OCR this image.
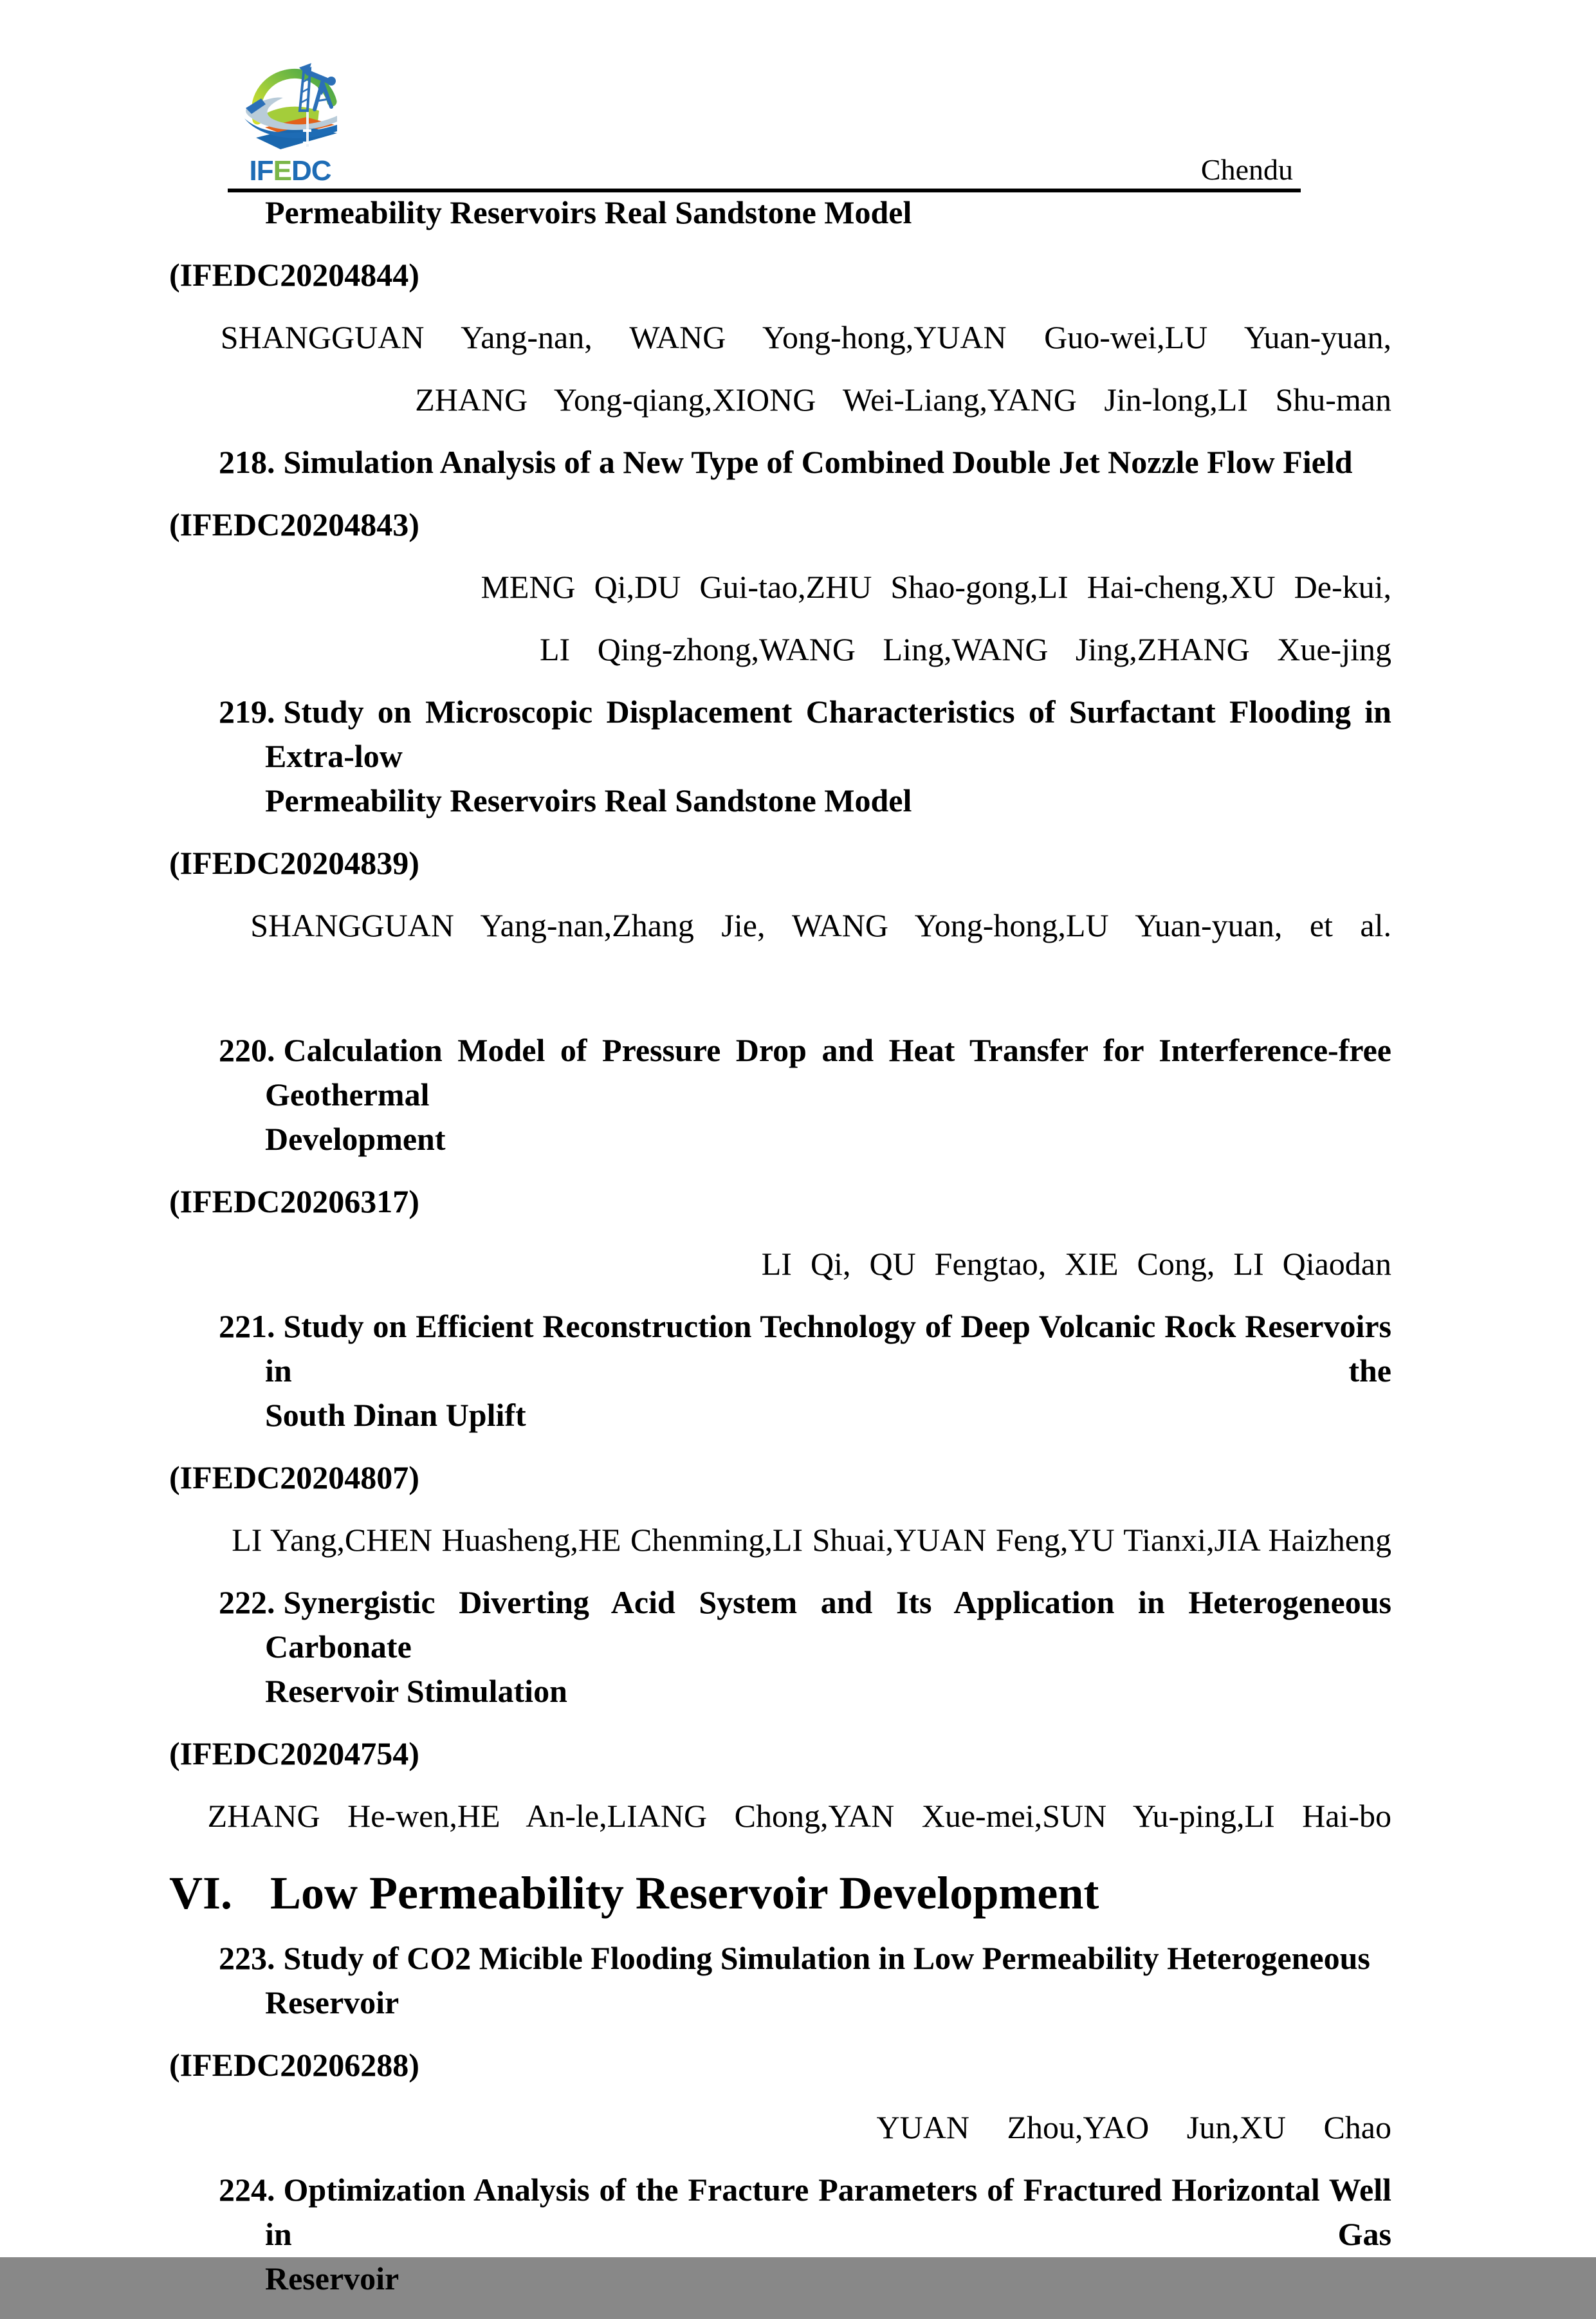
IFEDC	Chendu

Permeability Reservoirs Real Sandstone Model

(IFEDC20204844)

SHANGGUAN Yang-nan, WANG Yong-hong,YUAN Guo-wei,LU Yuan-yuan,

ZHANG Yong-qiang,XIONG Wei-Liang,YANG Jin-long,LI Shu-man

218. Simulation Analysis of a New Type of Combined Double Jet Nozzle Flow Field

(IFEDC20204843)

MENG Qi,DU Gui-tao,ZHU Shao-gong,LI Hai-cheng,XU De-kui,

LI Qing-zhong,WANG Ling,WANG Jing,ZHANG Xue-jing

219. Study on Microscopic Displacement Characteristics of Surfactant Flooding in Extra-low
Permeability Reservoirs Real Sandstone Model

(IFEDC20204839)

SHANGGUAN Yang-nan,Zhang Jie, WANG Yong-hong,LU Yuan-yuan, et al.

220. Calculation Model of Pressure Drop and Heat Transfer for Interference-free Geothermal
Development

(IFEDC20206317)

LI Qi, QU Fengtao, XIE Cong, LI Qiaodan

221. Study on Efficient Reconstruction Technology of Deep Volcanic Rock Reservoirs in the
South Dinan Uplift

(IFEDC20204807)

LI Yang,CHEN Huasheng,HE Chenming,LI Shuai,YUAN Feng,YU Tianxi,JIA Haizheng

222. Synergistic Diverting Acid System and Its Application in Heterogeneous Carbonate
Reservoir Stimulation

(IFEDC20204754)

ZHANG He-wen,HE An-le,LIANG Chong,YAN Xue-mei,SUN Yu-ping,LI Hai-bo

VI. Low Permeability Reservoir Development

223. Study of CO2 Micible Flooding Simulation in Low Permeability Heterogeneous Reservoir

(IFEDC20206288)

YUAN Zhou,YAO Jun,XU Chao

224. Optimization Analysis of the Fracture Parameters of Fractured Horizontal Well in Gas
Reservoir
